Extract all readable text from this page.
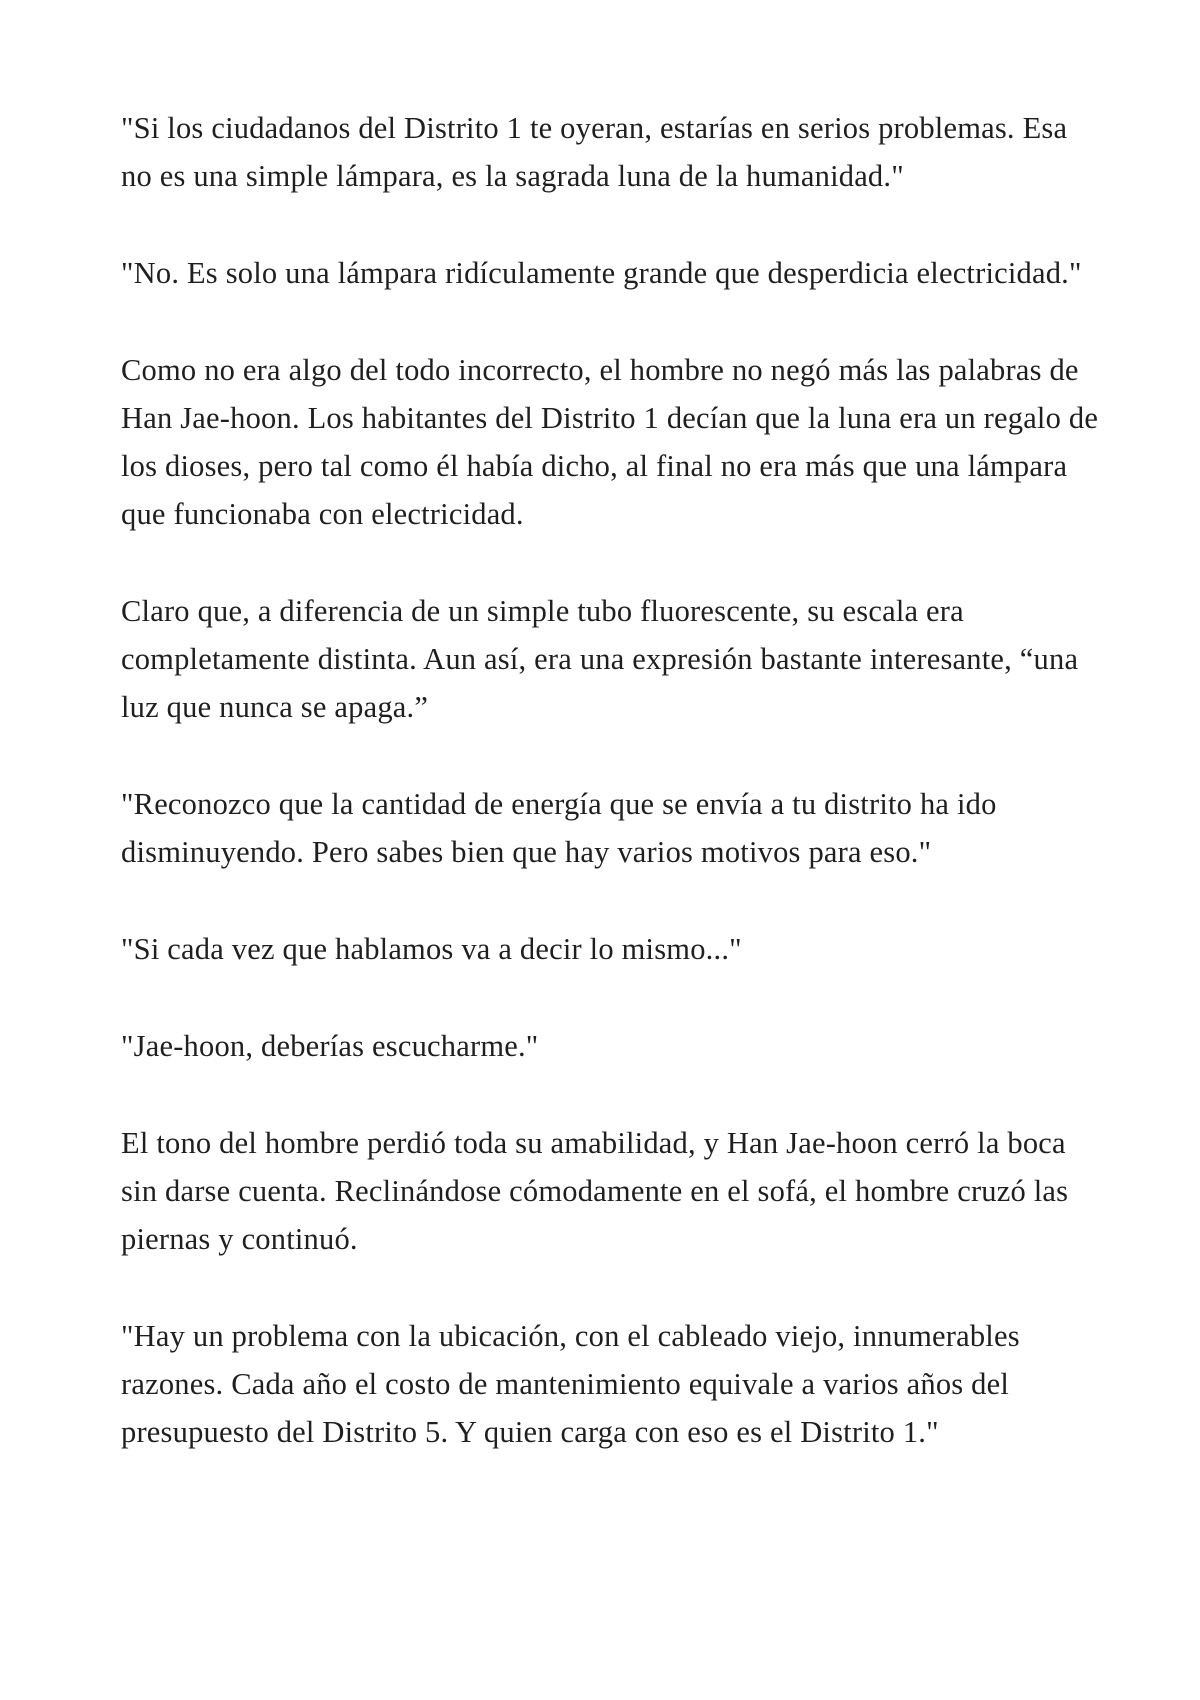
"Si los ciudadanos del Distrito 1 te oyeran, estarías en serios problemas. Esa no es una simple lámpara, es la sagrada luna de la humanidad."

"No. Es solo una lámpara ridículamente grande que desperdicia electricidad."

Como no era algo del todo incorrecto, el hombre no negó más las palabras de Han Jae-hoon. Los habitantes del Distrito 1 decían que la luna era un regalo de los dioses, pero tal como él había dicho, al final no era más que una lámpara que funcionaba con electricidad.

Claro que, a diferencia de un simple tubo fluorescente, su escala era completamente distinta. Aun así, era una expresión bastante interesante, “una luz que nunca se apaga.”

"Reconozco que la cantidad de energía que se envía a tu distrito ha ido disminuyendo. Pero sabes bien que hay varios motivos para eso."

"Si cada vez que hablamos va a decir lo mismo..."

"Jae-hoon, deberías escucharme."

El tono del hombre perdió toda su amabilidad, y Han Jae-hoon cerró la boca sin darse cuenta. Reclinándose cómodamente en el sofá, el hombre cruzó las piernas y continuó.

"Hay un problema con la ubicación, con el cableado viejo, innumerables razones. Cada año el costo de mantenimiento equivale a varios años del presupuesto del Distrito 5. Y quien carga con eso es el Distrito 1."
